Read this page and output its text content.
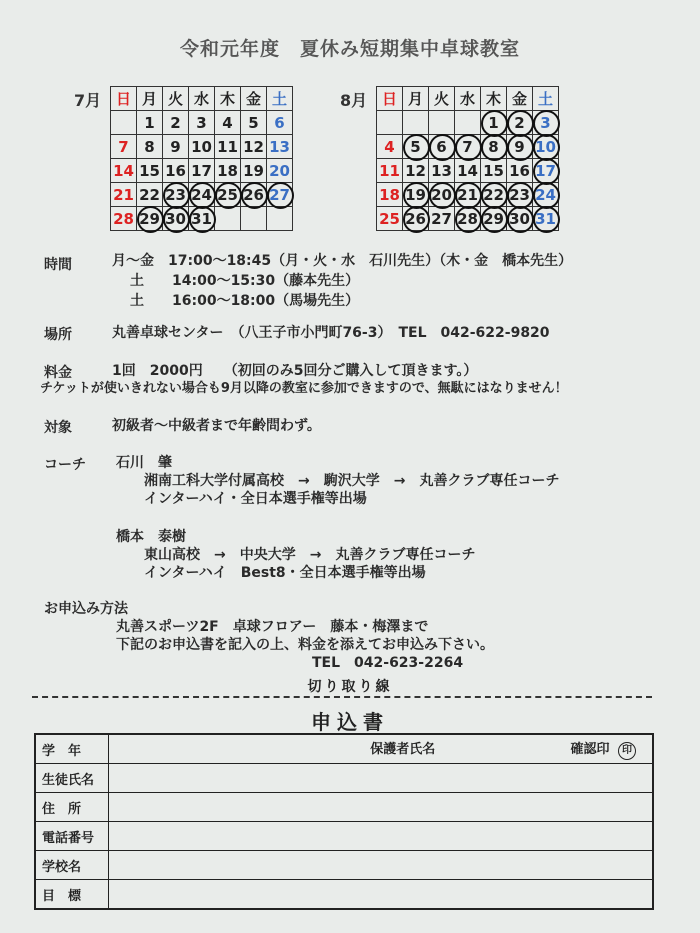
令和元年度　夏休み短期集中卓球教室
7月 日	月	火	水	木	金	土
	1	2	3	4	5	6
7	8	9	10	11	12	13
14	15	16	17	18	19	20
21	22	23	24	25	26	27
28	29	30	31			
8月 日	月	火	水	木	金	土
				1	2	3
4	5	6	7	8	9	10
11	12	13	14	15	16	17
18	19	20	21	22	23	24
25	26	27	28	29	30	31
時間	月～金　17:00～18:45（月・火・水　石川先生）（木・金　橋本先生）
土　　14:00～15:30（藤本先生）
土　　16:00～18:00（馬場先生）
場所	丸善卓球センター　（八王子市小門町76-3）　TEL　042-622-9820
料金	1回　2000円　　（初回のみ5回分ご購入して頂きます。）
チケットが使いきれない場合も9月以降の教室に参加できますので、無駄にはなりません！
対象	初級者～中級者まで年齢問わず。
コーチ 石川　肇
湘南工科大学付属高校　→　駒沢大学　→　丸善クラブ専任コーチ
インターハイ・全日本選手権等出場
橋本　泰樹
東山高校　→　中央大学　→　丸善クラブ専任コーチ
インターハイ　Best8・全日本選手権等出場
お申込み方法
丸善スポーツ2F　卓球フロアー　藤本・梅澤まで
下記のお申込書を記入の上、料金を添えてお申込み下さい。
TEL　042-623-2264
切り取り線
申込書
学　年	保護者氏名 確認印 印

生徒氏名	
住　所	
電話番号	
学校名	
目　標	
